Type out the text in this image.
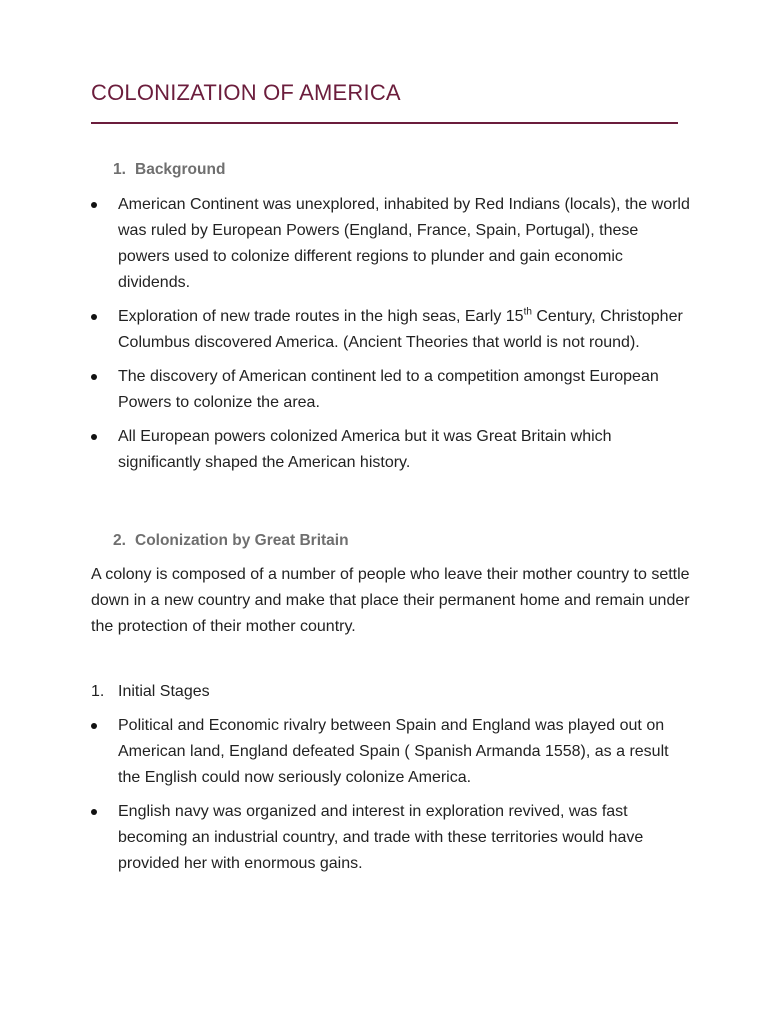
COLONIZATION OF AMERICA
1. Background
American Continent was unexplored, inhabited by Red Indians (locals), the world was ruled by European Powers (England, France, Spain, Portugal), these powers used to colonize different regions to plunder and gain economic dividends.
Exploration of new trade routes in the high seas, Early 15th Century, Christopher Columbus discovered America. (Ancient Theories that world is not round).
The discovery of American continent led to a competition amongst European Powers to colonize the area.
All European powers colonized America but it was Great Britain which significantly shaped the American history.
2. Colonization by Great Britain
A colony is composed of a number of people who leave their mother country to settle down in a new country and make that place their permanent home and remain under the protection of their mother country.
1. Initial Stages
Political and Economic rivalry between Spain and England was played out on American land, England defeated Spain ( Spanish Armanda 1558), as a result the English could now seriously colonize America.
English navy was organized and interest in exploration revived, was fast becoming an industrial country, and trade with these territories would have provided her with enormous gains.
